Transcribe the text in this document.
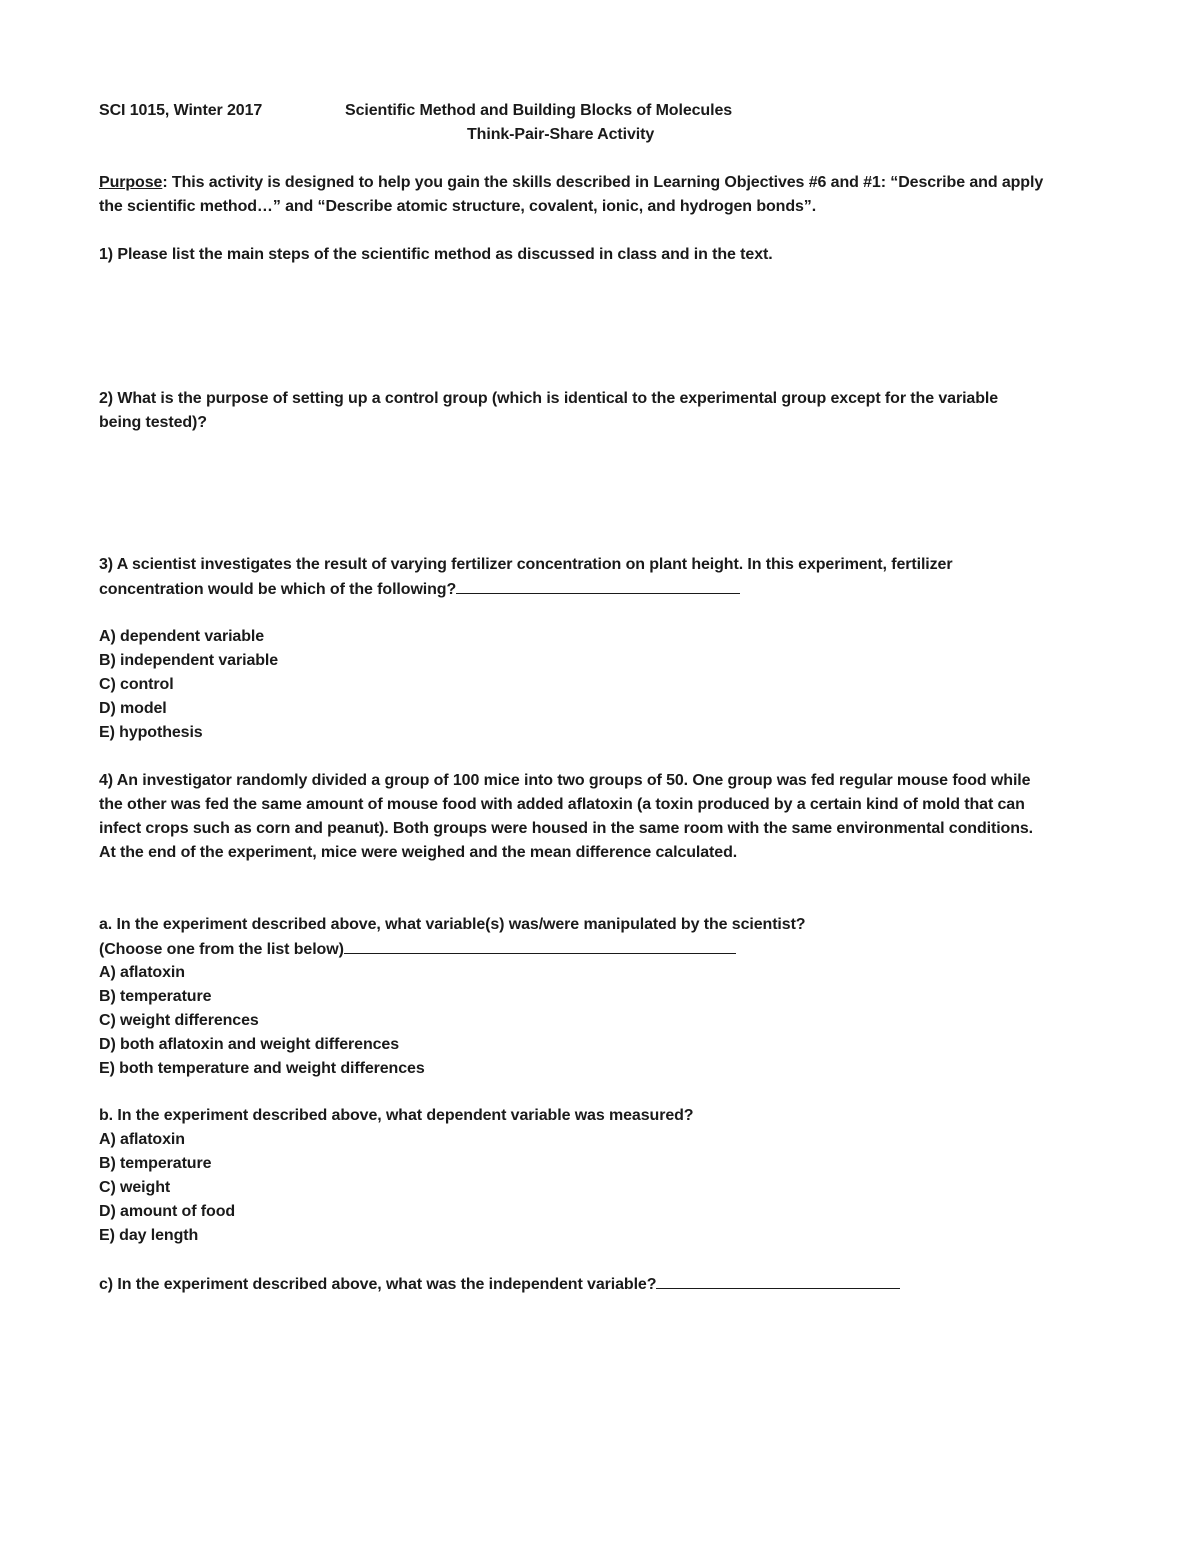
SCI 1015, Winter 2017	Scientific Method and Building Blocks of Molecules
Think-Pair-Share Activity
Purpose: This activity is designed to help you gain the skills described in Learning Objectives #6 and #1: “Describe and apply
the scientific method…” and “Describe atomic structure, covalent, ionic, and hydrogen bonds”.
1) Please list the main steps of the scientific method as discussed in class and in the text.
2) What is the purpose of setting up a control group (which is identical to the experimental group except for the variable
being tested)?
3) A scientist investigates the result of varying fertilizer concentration on plant height. In this experiment, fertilizer
concentration would be which of the following?
A) dependent variable
B) independent variable
C) control
D) model
E) hypothesis
4) An investigator randomly divided a group of 100 mice into two groups of 50. One group was fed regular mouse food while
the other was fed the same amount of mouse food with added aflatoxin (a toxin produced by a certain kind of mold that can
infect crops such as corn and peanut). Both groups were housed in the same room with the same environmental conditions.
At the end of the experiment, mice were weighed and the mean difference calculated.
a. In the experiment described above, what variable(s) was/were manipulated by the scientist?
(Choose one from the list below)
A) aflatoxin
B) temperature
C) weight differences
D) both aflatoxin and weight differences
E) both temperature and weight differences
b. In the experiment described above, what dependent variable was measured?
A) aflatoxin
B) temperature
C) weight
D) amount of food
E) day length
c) In the experiment described above, what was the independent variable?
